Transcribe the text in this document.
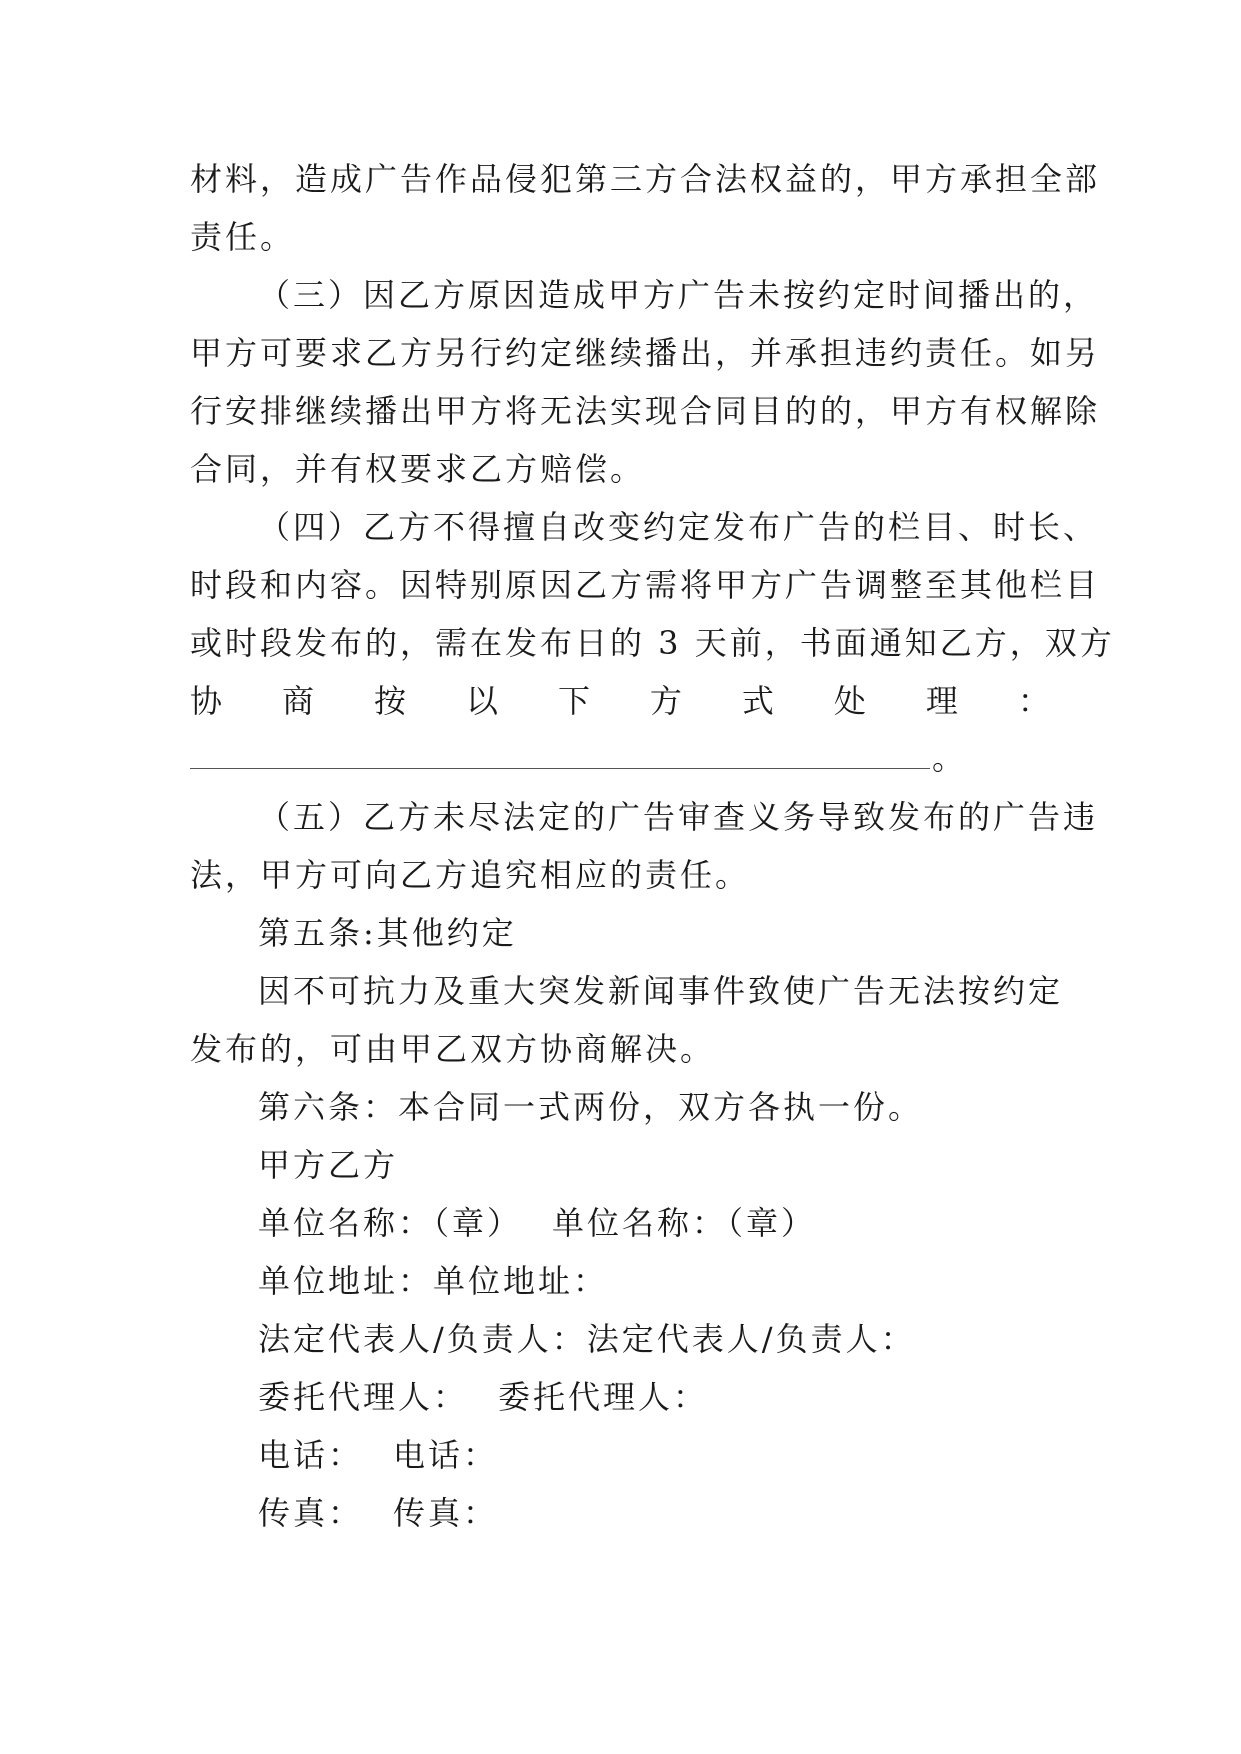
材料，造成广告作品侵犯第三方合法权益的，甲方承担全部
责任。
（三）因乙方原因造成甲方广告未按约定时间播出的，
甲方可要求乙方另行约定继续播出，并承担违约责任。如另
行安排继续播出甲方将无法实现合同目的的，甲方有权解除
合同，并有权要求乙方赔偿。
（四）乙方不得擅自改变约定发布广告的栏目、时长、
时段和内容。因特别原因乙方需将甲方广告调整至其他栏目
或时段发布的，需在发布日的 3 天前，书面通知乙方，双方
协 商 按 以 下 方 式 处 理 ：
。
（五）乙方未尽法定的广告审查义务导致发布的广告违
法，甲方可向乙方追究相应的责任。
第五条:其他约定
因不可抗力及重大突发新闻事件致使广告无法按约定
发布的，可由甲乙双方协商解决。
第六条：本合同一式两份，双方各执一份。
甲方乙方
单位名称：（章） 单位名称：（章）
单位地址：单位地址：
法定代表人/负责人：法定代表人/负责人：
委托代理人： 委托代理人：
电话： 电话：
传真： 传真：
